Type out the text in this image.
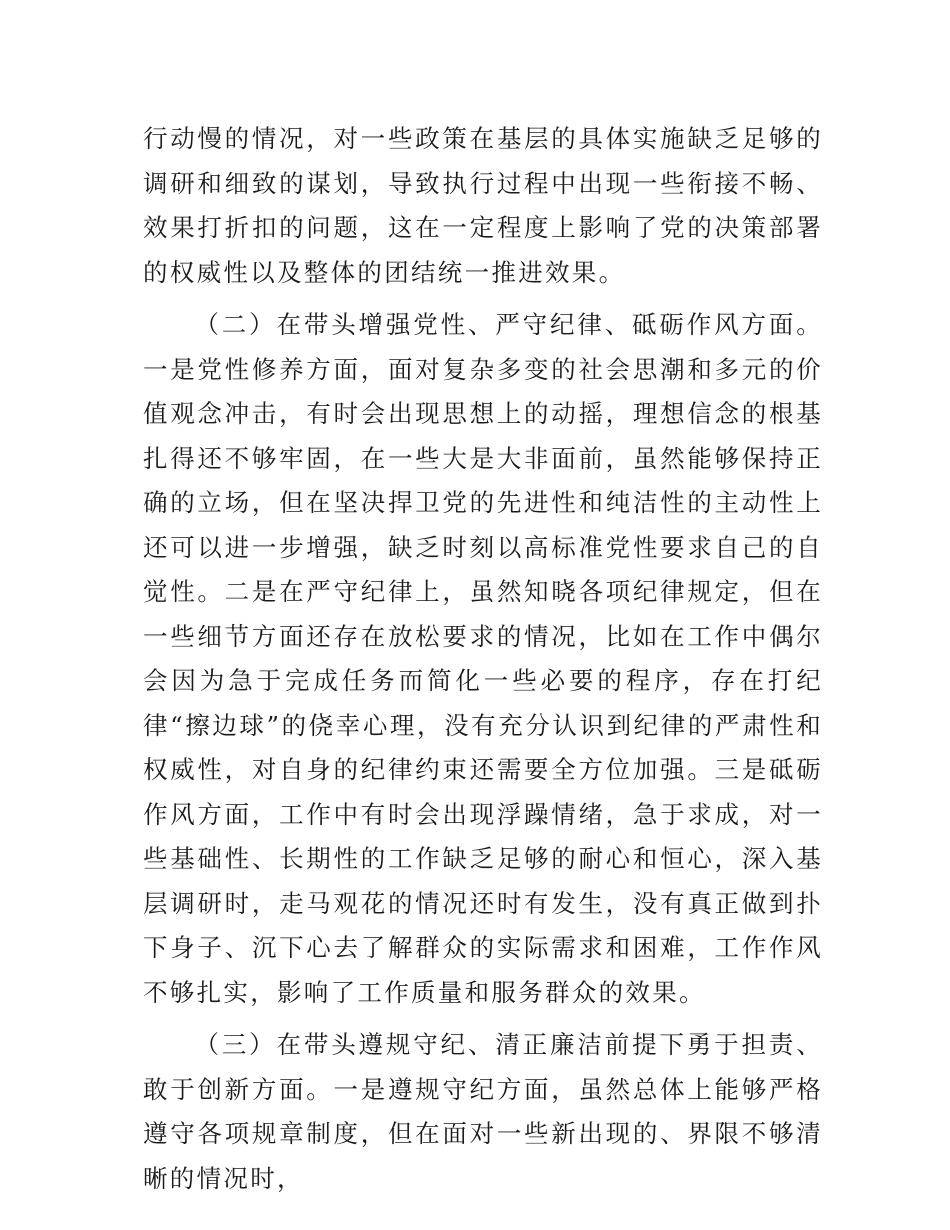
行动慢的情况，对一些政策在基层的具体实施缺乏足够的调研和细致的谋划，导致执行过程中出现一些衔接不畅、效果打折扣的问题，这在一定程度上影响了党的决策部署的权威性以及整体的团结统一推进效果。

（二）在带头增强党性、严守纪律、砥砺作风方面。一是党性修养方面，面对复杂多变的社会思潮和多元的价值观念冲击，有时会出现思想上的动摇，理想信念的根基扎得还不够牢固，在一些大是大非面前，虽然能够保持正确的立场，但在坚决捍卫党的先进性和纯洁性的主动性上还可以进一步增强，缺乏时刻以高标准党性要求自己的自觉性。二是在严守纪律上，虽然知晓各项纪律规定，但在一些细节方面还存在放松要求的情况，比如在工作中偶尔会因为急于完成任务而简化一些必要的程序，存在打纪律“擦边球”的侥幸心理，没有充分认识到纪律的严肃性和权威性，对自身的纪律约束还需要全方位加强。三是砥砺作风方面，工作中有时会出现浮躁情绪，急于求成，对一些基础性、长期性的工作缺乏足够的耐心和恒心，深入基层调研时，走马观花的情况还时有发生，没有真正做到扑下身子、沉下心去了解群众的实际需求和困难，工作作风不够扎实，影响了工作质量和服务群众的效果。

（三）在带头遵规守纪、清正廉洁前提下勇于担责、敢于创新方面。一是遵规守纪方面，虽然总体上能够严格遵守各项规章制度，但在面对一些新出现的、界限不够清晰的情况时，
